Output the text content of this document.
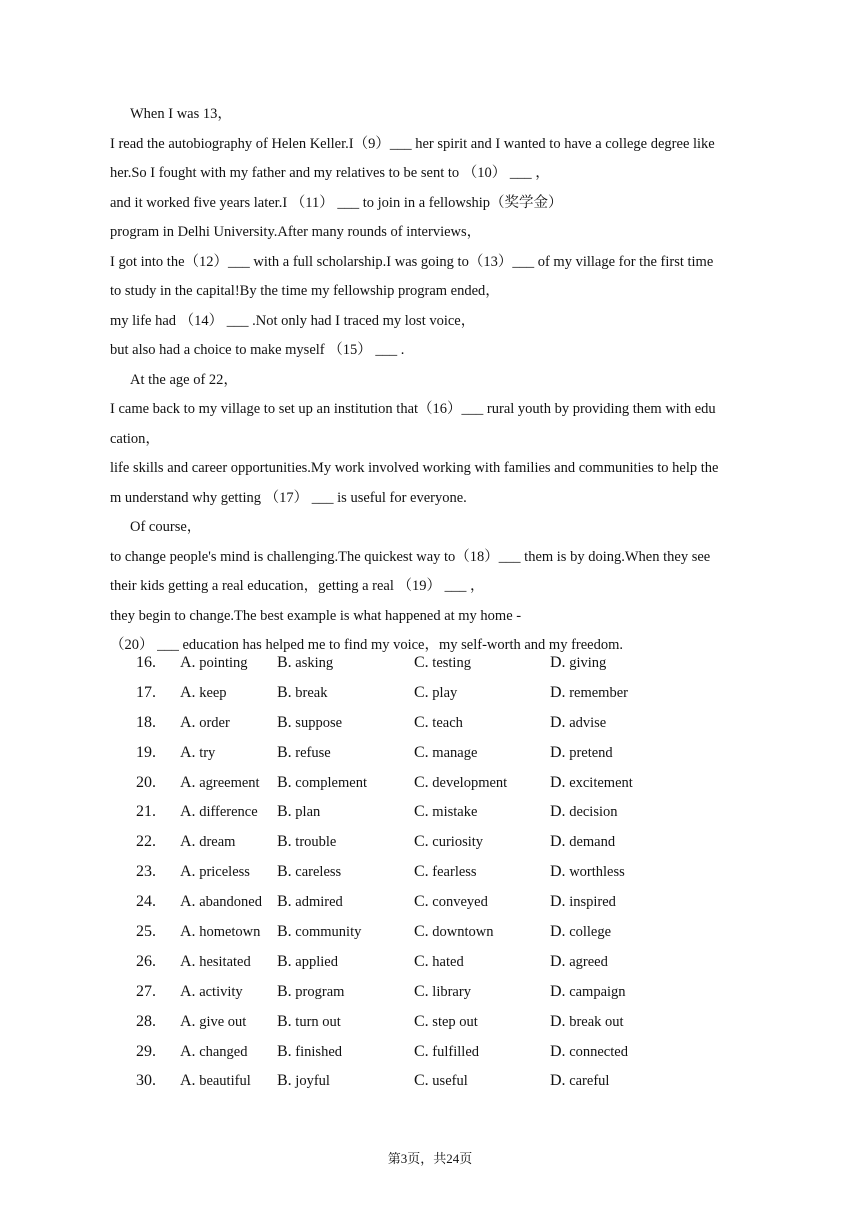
When I was 13，
I read the autobiography of Helen Keller.I（9）___ her spirit and I wanted to have a college degree like
her.So I fought with my father and my relatives to be sent to （10） ___ ，
and it worked five years later.I （11） ___ to join in a fellowship（奖学金）
program in Delhi University.After many rounds of interviews，
I got into the（12）___ with a full scholarship.I was going to（13）___ of my village for the first time
to study in the capital!By the time my fellowship program ended，
my life had （14） ___ .Not only had I traced my lost voice，
but also had a choice to make myself （15） ___ .
At the age of 22，
I came back to my village to set up an institution that（16）___ rural youth by providing them with edu
cation，
life skills and career opportunities.My work involved working with families and communities to help the
m understand why getting （17） ___ is useful for everyone.
Of course，
to change people's mind is challenging.The quickest way to（18）___ them is by doing.When they see
their kids getting a real education，getting a real （19） ___ ，
they begin to change.The best example is what happened at my home -
（20） ___ education has helped me to find my voice，my self-worth and my freedom.
16. A. pointing B. asking	C. testing	D. giving
17. A. keep	B. break	C. play	D. remember
18. A. order	B. suppose	C. teach	D. advise
19. A. try	B. refuse	C. manage	D. pretend
20. A. agreement B. complement	C. development	D. excitement
21. A. difference B. plan	C. mistake	D. decision
22. A. dream	B. trouble	C. curiosity	D. demand
23. A. priceless B. careless	C. fearless	D. worthless
24. A. abandoned B. admired	C. conveyed	D. inspired
25. A. hometown B. community	C. downtown	D. college
26. A. hesitated B. applied	C. hated	D. agreed
27. A. activity B. program	C. library	D. campaign
28. A. give out B. turn out	C. step out	D. break out
29. A. changed B. finished	C. fulfilled	D. connected
30. A. beautiful B. joyful	C. useful	D. careful
第3页，共24页
